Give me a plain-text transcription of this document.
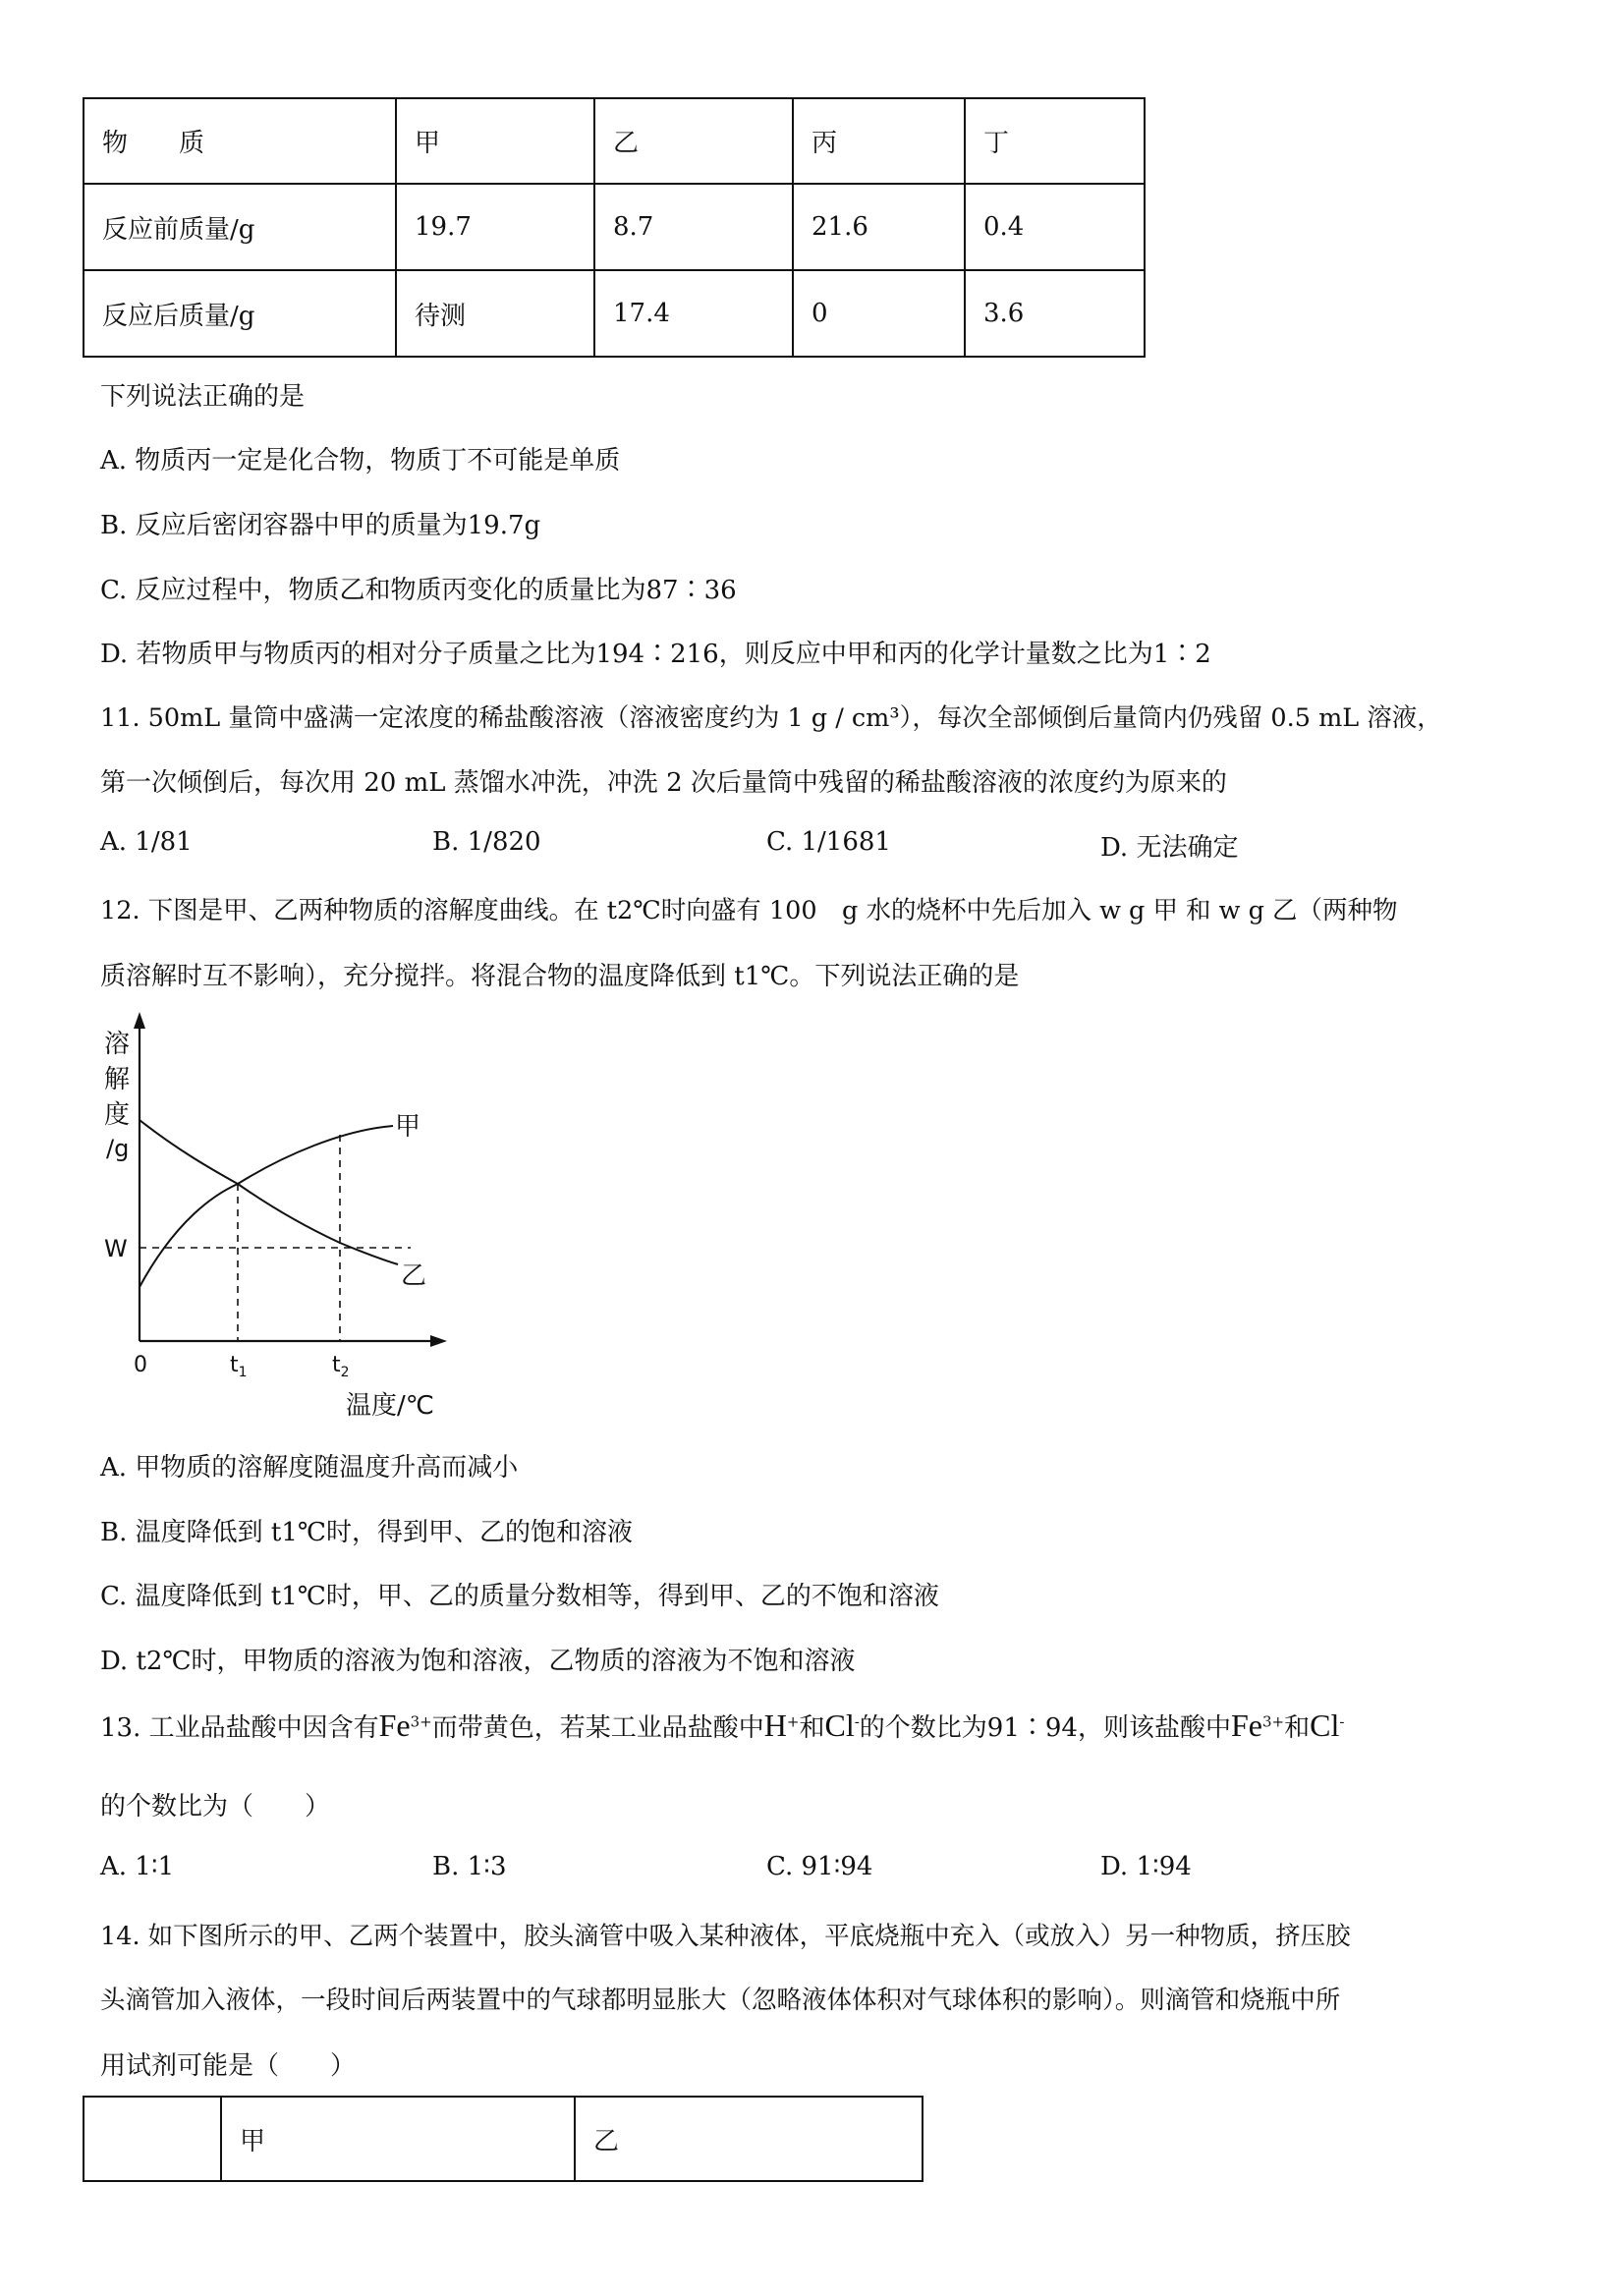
物　　质	甲	乙	丙	丁
反应前质量/g	19.7	8.7	21.6	0.4
反应后质量/g	待测	17.4	0	3.6
下列说法正确的是
A. 物质丙一定是化合物，物质丁不可能是单质
B. 反应后密闭容器中甲的质量为19.7g
C. 反应过程中，物质乙和物质丙变化的质量比为87∶36
D. 若物质甲与物质丙的相对分子质量之比为194∶216，则反应中甲和丙的化学计量数之比为1∶2
11. 50mL 量筒中盛满一定浓度的稀盐酸溶液（溶液密度约为 1 g / cm³），每次全部倾倒后量筒内仍残留 0.5 mL 溶液，
第一次倾倒后，每次用 20 mL 蒸馏水冲洗，冲洗 2 次后量筒中残留的稀盐酸溶液的浓度约为原来的
A. 1/81	B. 1/820	C. 1/1681	D. 无法确定
12. 下图是甲、乙两种物质的溶解度曲线。在 t2℃时向盛有 100　g 水的烧杯中先后加入 w g 甲 和 w g 乙（两种物
质溶解时互不影响），充分搅拌。将混合物的温度降低到 t1℃。下列说法正确的是
溶
解
度
/g
W
0	$t_1$	$t_2$
甲
乙
温度/℃
A. 甲物质的溶解度随温度升高而减小
B. 温度降低到 t1℃时，得到甲、乙的饱和溶液
C. 温度降低到 t1℃时，甲、乙的质量分数相等，得到甲、乙的不饱和溶液
D. t2℃时，甲物质的溶液为饱和溶液，乙物质的溶液为不饱和溶液
13. 工业品盐酸中因含有$Fe^{3+}$而带黄色，若某工业品盐酸中H+和Cl-的个数比为91∶94，则该盐酸中$Fe^{3+}$和Cl-
的个数比为（　　）
A. 1∶1	B. 1∶3	C. 91∶94	D. 1∶94
14. 如下图所示的甲、乙两个装置中，胶头滴管中吸入某种液体，平底烧瓶中充入（或放入）另一种物质，挤压胶
头滴管加入液体，一段时间后两装置中的气球都明显胀大（忽略液体体积对气球体积的影响）。则滴管和烧瓶中所
用试剂可能是（　　）
	甲	乙
